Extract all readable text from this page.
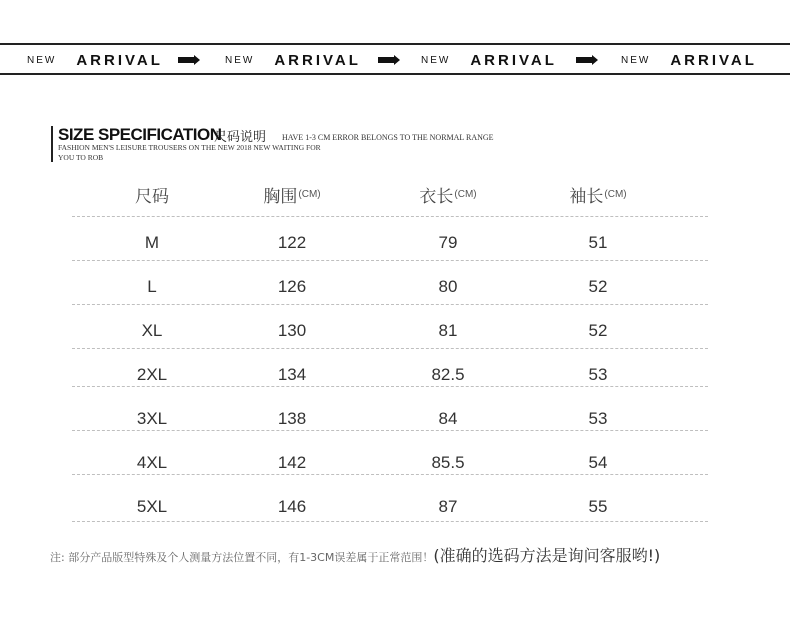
NEW ARRIVAL	NEW ARRIVAL	NEW ARRIVAL	NEW ARRIVAL
SIZE SPECIFICATION
尺码说明 HAVE 1-3 CM ERROR BELONGS TO THE NORMAL RANGE
FASHION MEN'S LEISURE TROUSERS ON THE NEW 2018 NEW WAITING FOR
YOU TO ROB
尺码	胸围 (CM)	衣长 (CM)	袖长 (CM)
M	122	79	51
L	126	80	52
XL	130	81	52
2XL	134	82.5	53
3XL	138	84	53
4XL	142	85.5	54
5XL	146	87	55
注: 部分产品版型特殊及个人测量方法位置不同，有1-3CM误差属于正常范围！(准确的选码方法是询问客服哟!)
